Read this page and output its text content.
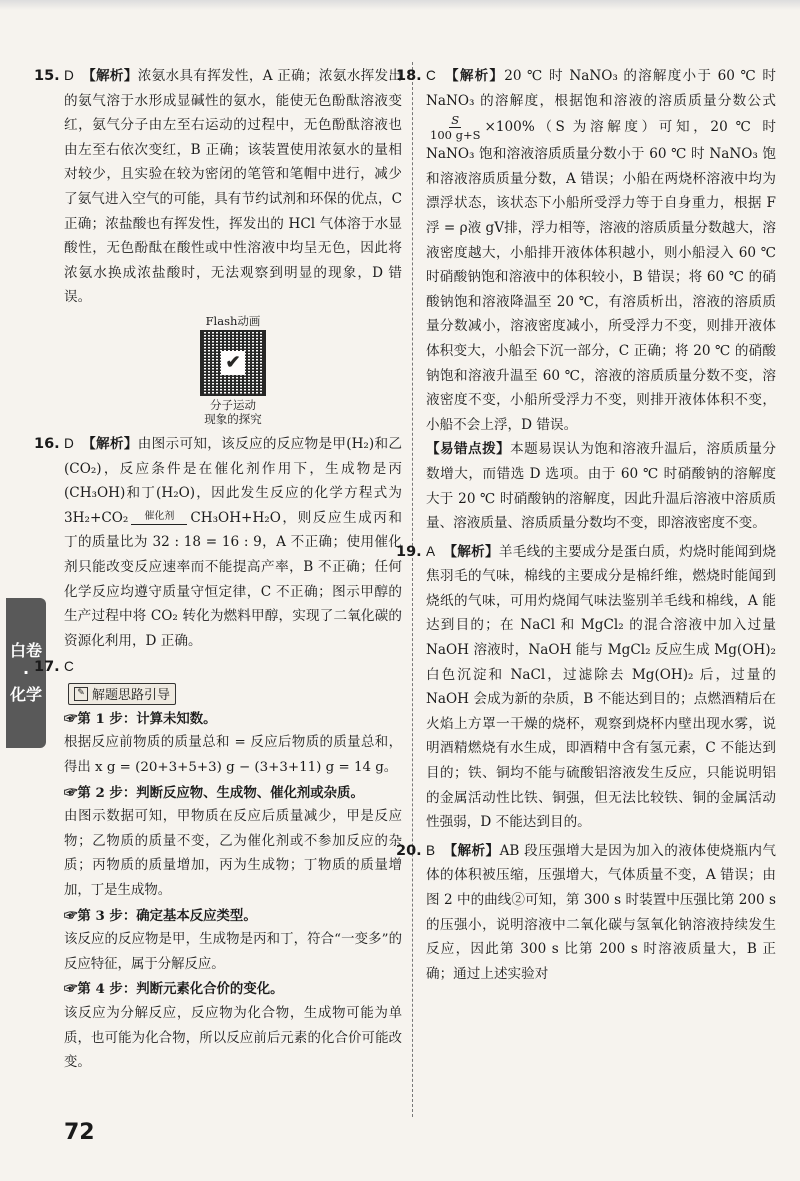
白卷
·
化学

15. D 【解析】浓氨水具有挥发性，A 正确；浓氨水挥发出的氨气溶于水形成显碱性的氨水，能使无色酚酞溶液变红，氨气分子由左至右运动的过程中，无色酚酞溶液也由左至右依次变红，B 正确；该装置使用浓氨水的量相对较少，且实验在较为密闭的笔管和笔帽中进行，减少了氨气进入空气的可能，具有节约试剂和环保的优点，C 正确；浓盐酸也有挥发性，挥发出的 HCl 气体溶于水显酸性，无色酚酞在酸性或中性溶液中均呈无色，因此将浓氨水换成浓盐酸时，无法观察到明显的现象，D 错误。

Flash动画
✔
分子运动
现象的探究

16. D 【解析】由图示可知，该反应的反应物是甲(H₂)和乙(CO₂)，反应条件是在催化剂作用下，生成物是丙(CH₃OH)和丁(H₂O)，因此发生反应的化学方程式为 3H₂+CO₂ 催化剂 CH₃OH+H₂O，则反应生成丙和丁的质量比为 32 : 18 = 16 : 9，A 不正确；使用催化剂只能改变反应速率而不能提高产率，B 不正确；任何化学反应均遵守质量守恒定律，C 不正确；图示甲醇的生产过程中将 CO₂ 转化为燃料甲醇，实现了二氧化碳的资源化利用，D 正确。

17. C

✎ 解题思路引导

☞第 1 步：计算未知数。

根据反应前物质的质量总和 = 反应后物质的质量总和，得出 x g = (20+3+5+3) g − (3+3+11) g = 14 g。

☞第 2 步：判断反应物、生成物、催化剂或杂质。

由图示数据可知，甲物质在反应后质量减少，甲是反应物；乙物质的质量不变，乙为催化剂或不参加反应的杂质；丙物质的质量增加，丙为生成物；丁物质的质量增加，丁是生成物。

☞第 3 步：确定基本反应类型。

该反应的反应物是甲，生成物是丙和丁，符合“一变多”的反应特征，属于分解反应。

☞第 4 步：判断元素化合价的变化。

该反应为分解反应，反应物为化合物，生成物可能为单质，也可能为化合物，所以反应前后元素的化合价可能改变。

18. C 【解析】20 ℃ 时 NaNO₃ 的溶解度小于 60 ℃ 时 NaNO₃ 的溶解度，根据饱和溶液的溶质质量分数公式
$\frac{S}{100 g+S} \times 100\%(S$ 为溶解度）可知，20 ℃ 时 NaNO₃ 饱和溶液溶质质量分数小于 60 ℃ 时 NaNO₃ 饱和溶液溶质质量分数，A 错误；小船在两烧杯溶液中均为漂浮状态，该状态下小船所受浮力等于自身重力，根据 F浮 = ρ液 gV排，浮力相等，溶液的溶质质量分数越大，溶液密度越大，小船排开液体体积越小，则小船浸入 60 ℃ 时硝酸钠饱和溶液中的体积较小，B 错误；将 60 ℃ 的硝酸钠饱和溶液降温至 20 ℃，有溶质析出，溶液的溶质质量分数减小，溶液密度减小，所受浮力不变，则排开液体体积变大，小船会下沉一部分，C 正确；将 20 ℃ 的硝酸钠饱和溶液升温至 60 ℃，溶液的溶质质量分数不变，溶液密度不变，小船所受浮力不变，则排开液体体积不变，小船不会上浮，D 错误。

【易错点拨】本题易误认为饱和溶液升温后，溶质质量分数增大，而错选 D 选项。由于 60 ℃ 时硝酸钠的溶解度大于 20 ℃ 时硝酸钠的溶解度，因此升温后溶液中溶质质量、溶液质量、溶质质量分数均不变，即溶液密度不变。

19. A 【解析】羊毛线的主要成分是蛋白质，灼烧时能闻到烧焦羽毛的气味，棉线的主要成分是棉纤维，燃烧时能闻到烧纸的气味，可用灼烧闻气味法鉴别羊毛线和棉线，A 能达到目的；在 NaCl 和 MgCl₂ 的混合溶液中加入过量 NaOH 溶液时，NaOH 能与 MgCl₂ 反应生成 Mg(OH)₂ 白色沉淀和 NaCl，过滤除去 Mg(OH)₂ 后，过量的 NaOH 会成为新的杂质，B 不能达到目的；点燃酒精后在火焰上方罩一干燥的烧杯，观察到烧杯内壁出现水雾，说明酒精燃烧有水生成，即酒精中含有氢元素，C 不能达到目的；铁、铜均不能与硫酸铝溶液发生反应，只能说明铝的金属活动性比铁、铜强，但无法比较铁、铜的金属活动性强弱，D 不能达到目的。

20. B 【解析】AB 段压强增大是因为加入的液体使烧瓶内气体的体积被压缩，压强增大，气体质量不变，A 错误；由图 2 中的曲线②可知，第 300 s 时装置中压强比第 200 s 的压强小，说明溶液中二氧化碳与氢氧化钠溶液持续发生反应，因此第 300 s 比第 200 s 时溶液质量大，B 正确；通过上述实验对

72
